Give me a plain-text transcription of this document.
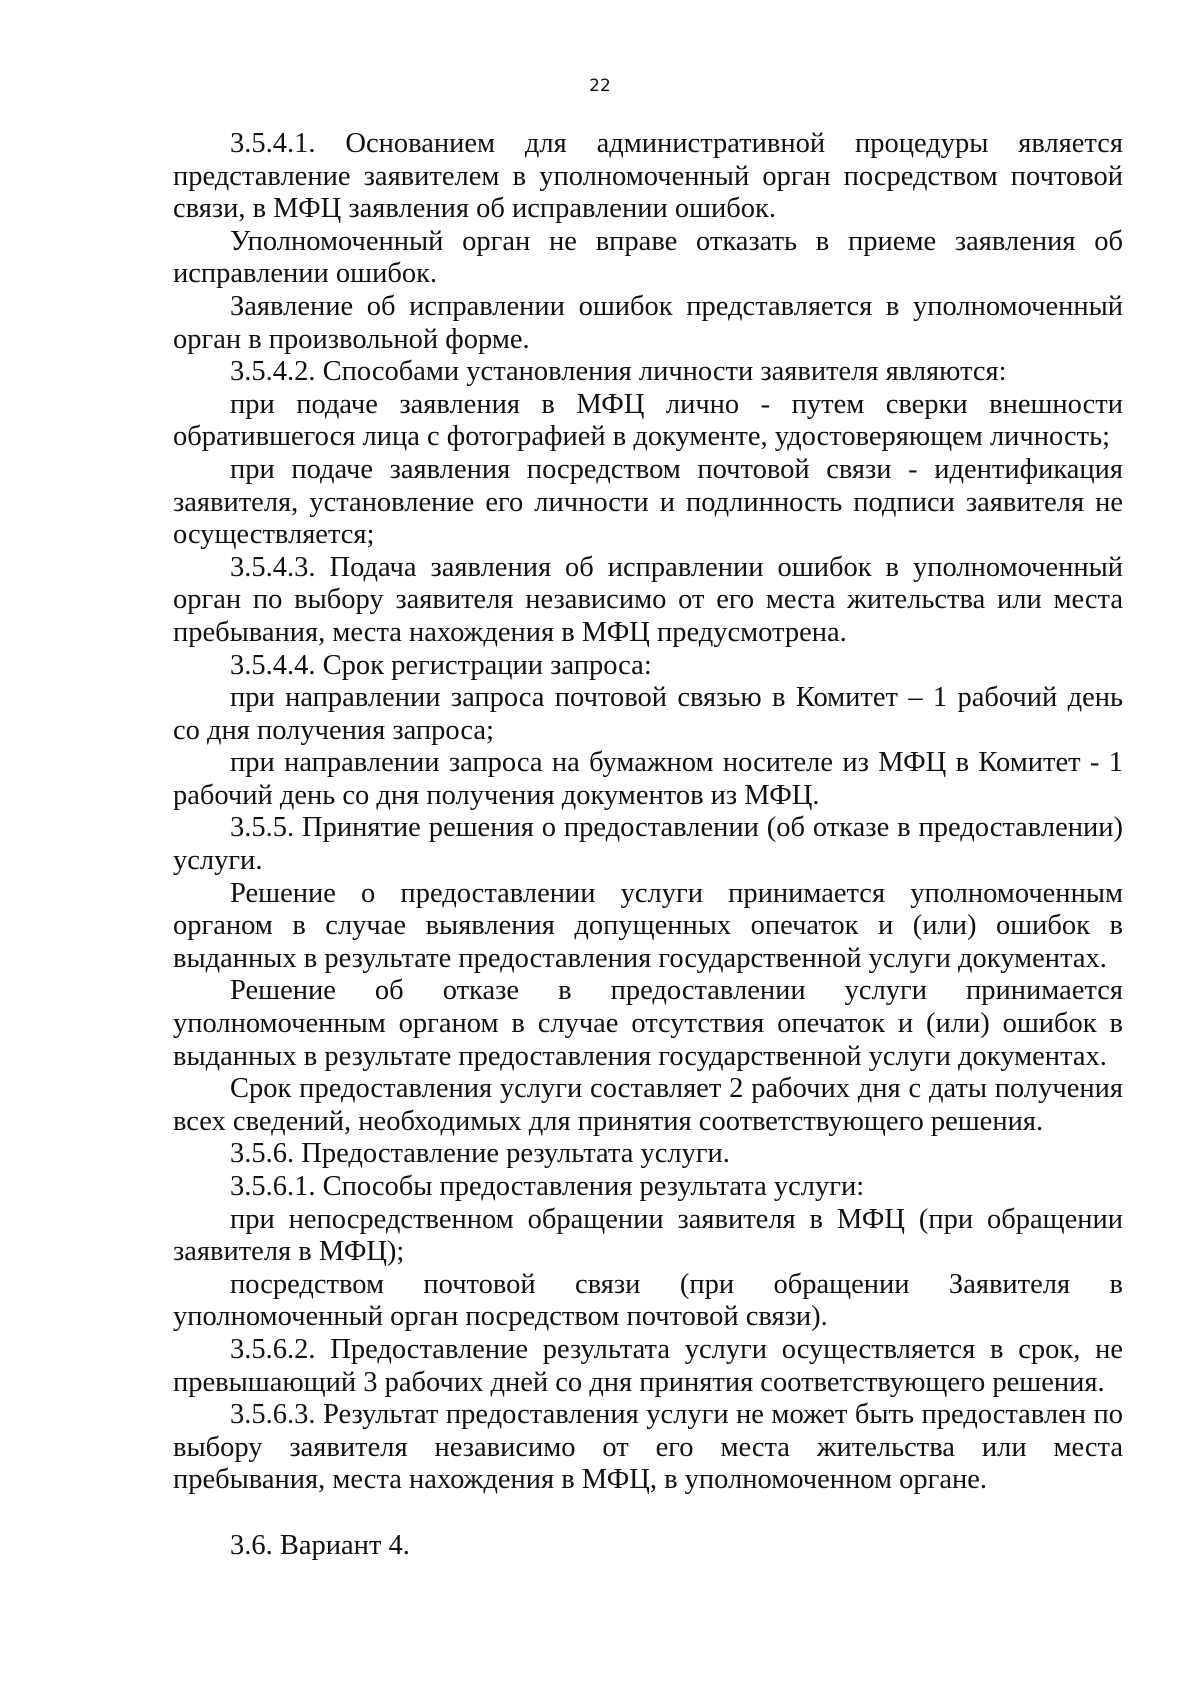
22

3.5.4.1. Основанием для административной процедуры является представление заявителем в уполномоченный орган посредством почтовой связи, в МФЦ заявления об исправлении ошибок.

Уполномоченный орган не вправе отказать в приеме заявления об исправлении ошибок.

Заявление об исправлении ошибок представляется в уполномоченный орган в произвольной форме.

3.5.4.2. Способами установления личности заявителя являются:

при подаче заявления в МФЦ лично - путем сверки внешности обратившегося лица с фотографией в документе, удостоверяющем личность;

при подаче заявления посредством почтовой связи - идентификация заявителя, установление его личности и подлинность подписи заявителя не осуществляется;

3.5.4.3. Подача заявления об исправлении ошибок в уполномоченный орган по выбору заявителя независимо от его места жительства или места пребывания, места нахождения в МФЦ предусмотрена.

3.5.4.4. Срок регистрации запроса:

при направлении запроса почтовой связью в Комитет – 1 рабочий день со дня получения запроса;

при направлении запроса на бумажном носителе из МФЦ в Комитет - 1 рабочий день со дня получения документов из МФЦ.

3.5.5. Принятие решения о предоставлении (об отказе в предоставлении) услуги.

Решение о предоставлении услуги принимается уполномоченным органом в случае выявления допущенных опечаток и (или) ошибок в выданных в результате предоставления государственной услуги документах.

Решение об отказе в предоставлении услуги принимается уполномоченным органом в случае отсутствия опечаток и (или) ошибок в выданных в результате предоставления государственной услуги документах.

Срок предоставления услуги составляет 2 рабочих дня с даты получения всех сведений, необходимых для принятия соответствующего решения.

3.5.6. Предоставление результата услуги.

3.5.6.1. Способы предоставления результата услуги:

при непосредственном обращении заявителя в МФЦ (при обращении заявителя в МФЦ);

посредством почтовой связи (при обращении Заявителя в уполномоченный орган посредством почтовой связи).

3.5.6.2. Предоставление результата услуги осуществляется в срок, не превышающий 3 рабочих дней со дня принятия соответствующего решения.

3.5.6.3. Результат предоставления услуги не может быть предоставлен по выбору заявителя независимо от его места жительства или места пребывания, места нахождения в МФЦ, в уполномоченном органе.

3.6. Вариант 4.
